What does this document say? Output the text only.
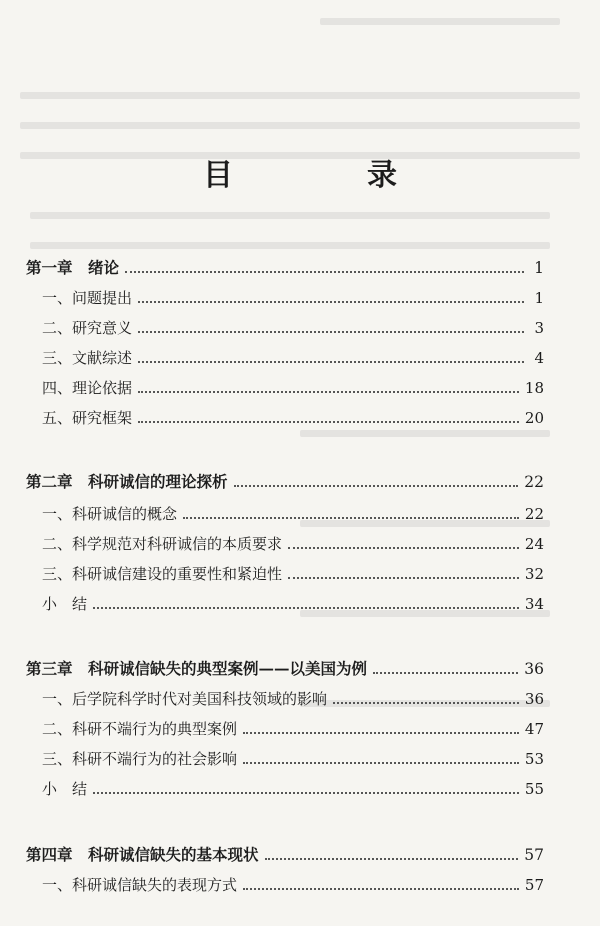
目　录
第一章　绪论	1
一、问题提出	1
二、研究意义	3
三、文献综述	4
四、理论依据	18
五、研究框架	20
第二章　科研诚信的理论探析	22
一、科研诚信的概念	22
二、科学规范对科研诚信的本质要求	24
三、科研诚信建设的重要性和紧迫性	32
小　结	34
第三章　科研诚信缺失的典型案例——以美国为例	36
一、后学院科学时代对美国科技领域的影响	36
二、科研不端行为的典型案例	47
三、科研不端行为的社会影响	53
小　结	55
第四章　科研诚信缺失的基本现状	57
一、科研诚信缺失的表现方式	57
